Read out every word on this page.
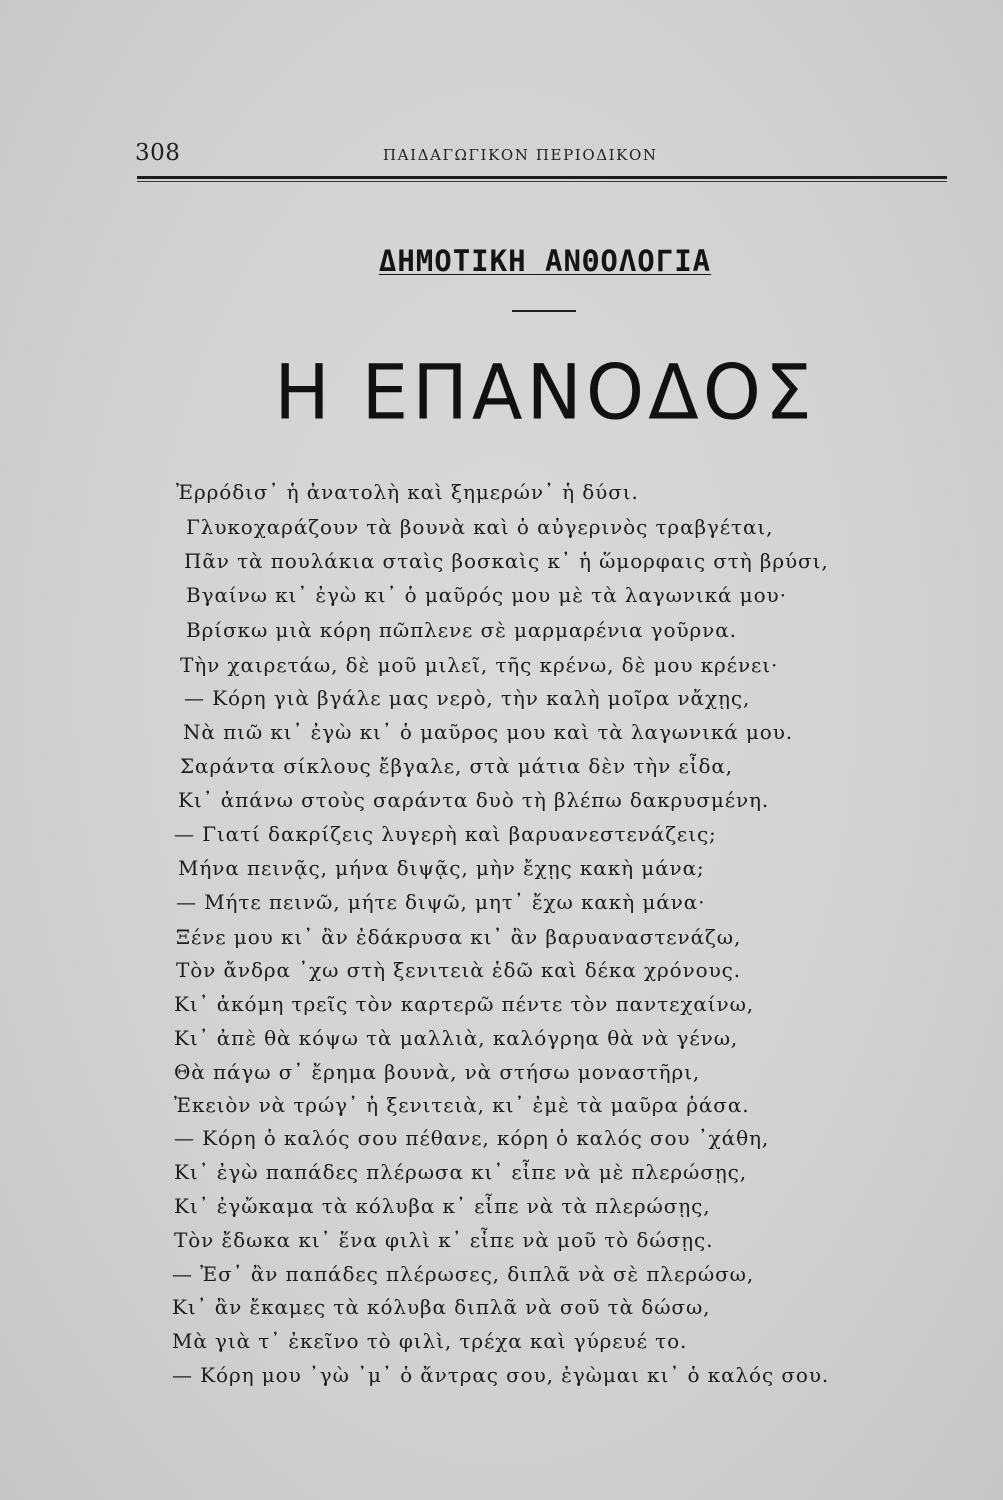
308	ΠΑΙΔΑΓΩΓΙΚΟΝ ΠΕΡΙΟΔΙΚΟΝ
ΔΗΜΟΤΙΚΗ ΑΝΘΟΛΟΓΙΑ
Η ΕΠΑΝΟΔΟΣ
Ἐρρόδισ᾽ ἡ ἀνατολὴ καὶ ξημερών᾽ ἡ δύσι.
Γλυκοχαράζουν τὰ βουνὰ καὶ ὁ αὐγερινὸς τραβγέται,
Πᾶν τὰ πουλάκια σταὶς βοσκαὶς κ᾽ ἡ ὥμορφαις στὴ βρύσι,
Βγαίνω κι᾽ ἐγὼ κι᾽ ὁ μαῦρός μου μὲ τὰ λαγωνικά μου·
Βρίσκω μιὰ κόρη πῶπλενε σὲ μαρμαρένια γοῦρνα.
Τὴν χαιρετάω, δὲ μοῦ μιλεῖ, τῆς κρένω, δὲ μου κρένει·
— Κόρη γιὰ βγάλε μας νερὸ, τὴν καλὴ μοῖρα νἄχῃς,
Νὰ πιῶ κι᾽ ἐγὼ κι᾽ ὁ μαῦρος μου καὶ τὰ λαγωνικά μου.
Σαράντα σίκλους ἔβγαλε, στὰ μάτια δὲν τὴν εἶδα,
Κι᾽ ἀπάνω στοὺς σαράντα δυὸ τὴ βλέπω δακρυσμένη.
— Γιατί δακρίζεις λυγερὴ καὶ βαρυανεστενάζεις;
Μήνα πεινᾷς, μήνα διψᾷς, μὴν ἔχῃς κακὴ μάνα;
— Μήτε πεινῶ, μήτε διψῶ, μητ᾽ ἔχω κακὴ μάνα·
Ξένε μου κι᾽ ἂν ἐδάκρυσα κι᾽ ἂν βαρυαναστενάζω,
Τὸν ἄνδρα ᾽χω στὴ ξενιτειὰ ἐδῶ καὶ δέκα χρόνους.
Κι᾽ ἀκόμη τρεῖς τὸν καρτερῶ πέντε τὸν παντεχαίνω,
Κι᾽ ἀπὲ θὰ κόψω τὰ μαλλιὰ, καλόγρηα θὰ νὰ γένω,
Θὰ πάγω σ᾽ ἔρημα βουνὰ, νὰ στήσω μοναστῆρι,
Ἐκειὸν νὰ τρώγ᾽ ἡ ξενιτειὰ, κι᾽ ἐμὲ τὰ μαῦρα ῥάσα.
— Κόρη ὁ καλός σου πέθανε, κόρη ὁ καλός σου ᾽χάθη,
Κι᾽ ἐγὼ παπάδες πλέρωσα κι᾽ εἶπε νὰ μὲ πλερώσῃς,
Κι᾽ ἐγὤκαμα τὰ κόλυβα κ᾽ εἶπε νὰ τὰ πλερώσῃς,
Τὸν ἔδωκα κι᾽ ἕνα φιλὶ κ᾽ εἶπε νὰ μοῦ τὸ δώσῃς.
— Ἐσ᾽ ἂν παπάδες πλέρωσες, διπλᾶ νὰ σὲ πλερώσω,
Κι᾽ ἂν ἔκαμες τὰ κόλυβα διπλᾶ νὰ σοῦ τὰ δώσω,
Μὰ γιὰ τ᾽ ἐκεῖνο τὸ φιλὶ, τρέχα καὶ γύρευέ το.
— Κόρη μου ᾽γὼ ᾽μ᾽ ὁ ἄντρας σου, ἐγὼμαι κι᾽ ὁ καλός σου.
